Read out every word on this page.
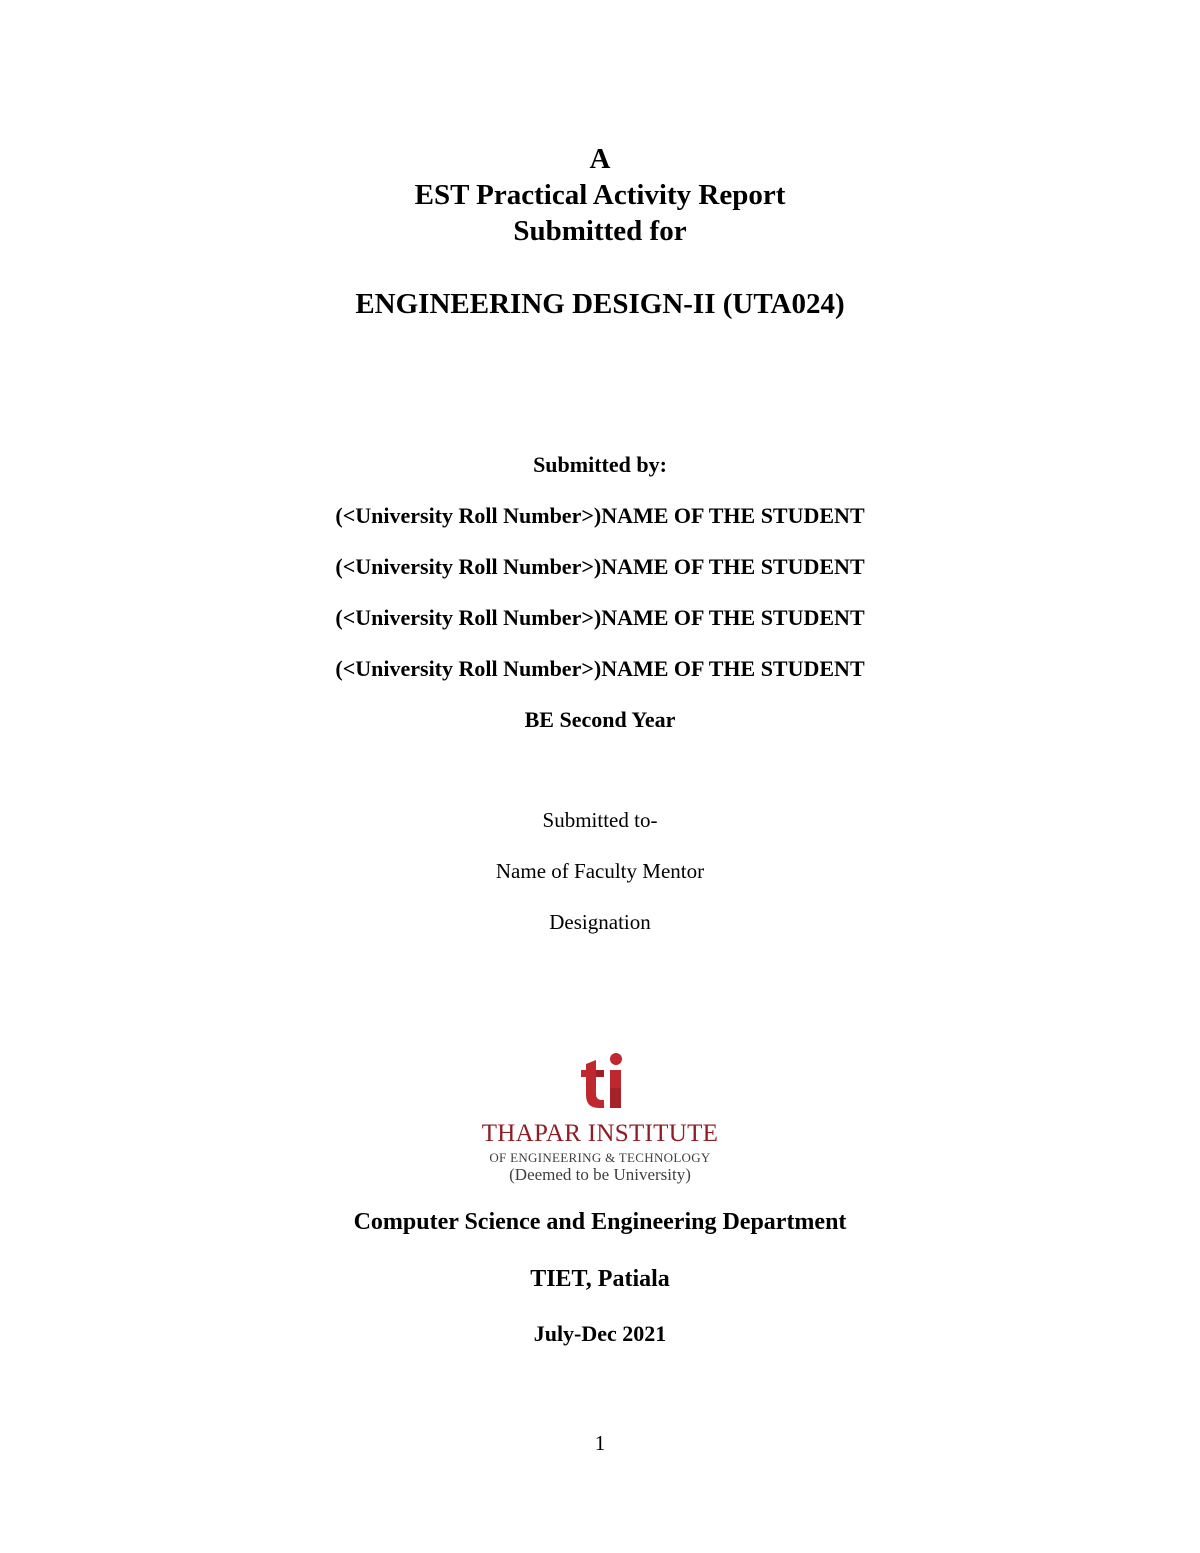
A
EST Practical Activity Report
Submitted for
ENGINEERING DESIGN-II (UTA024)
Submitted by:
(<University Roll Number>)NAME OF THE STUDENT
(<University Roll Number>)NAME OF THE STUDENT
(<University Roll Number>)NAME OF THE STUDENT
(<University Roll Number>)NAME OF THE STUDENT
BE Second Year
Submitted to-
Name of Faculty Mentor
Designation
THAPAR INSTITUTE
OF ENGINEERING & TECHNOLOGY
(Deemed to be University)
Computer Science and Engineering Department
TIET, Patiala
July-Dec 2021
1
